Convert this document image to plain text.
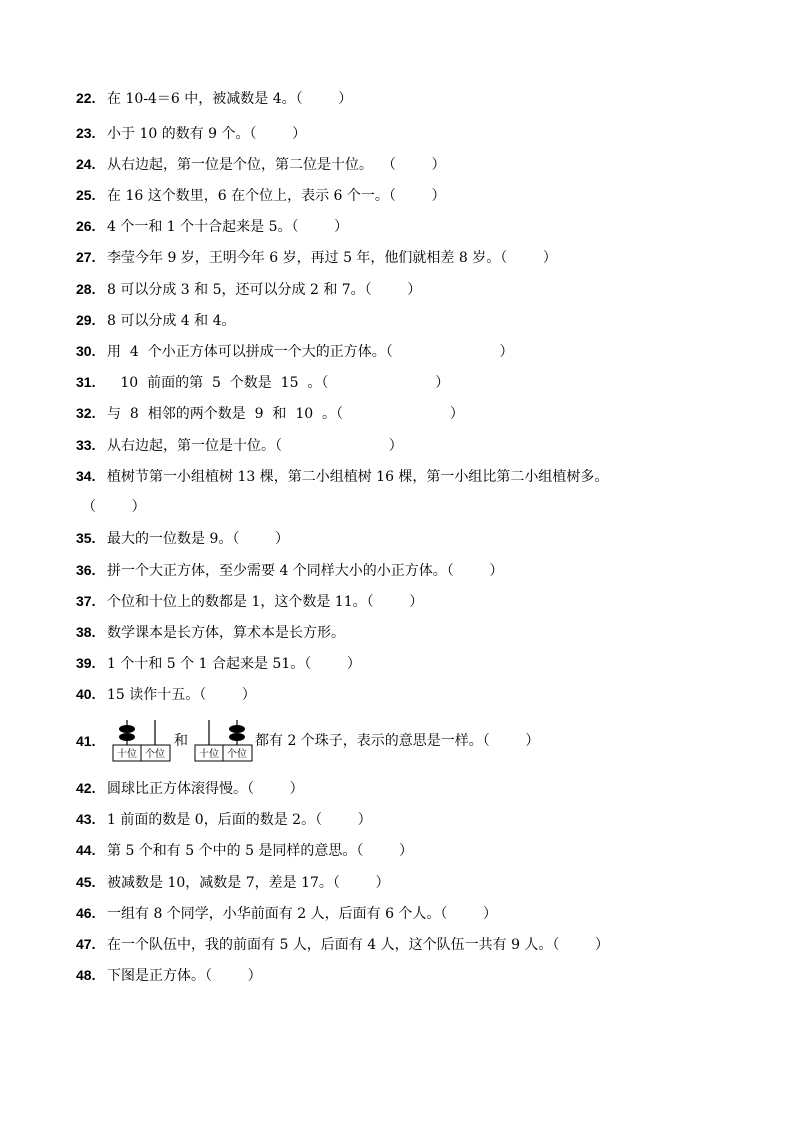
22. 在 10-4＝6 中，被减数是 4。（        ）
23. 小于 10 的数有 9 个。（        ）
24. 从右边起，第一位是个位，第二位是十位。  （        ）
25. 在 16 这个数里，6 在个位上，表示 6 个一。（        ）
26. 4 个一和 1 个十合起来是 5。（        ）
27. 李莹今年 9 岁，王明今年 6 岁，再过 5 年，他们就相差 8 岁。（        ）
28. 8 可以分成 3 和 5，还可以分成 2 和 7。（        ）
29. 8 可以分成 4 和 4。
30. 用  4  个小正方体可以拼成一个大的正方体。（                        ）
31.   10  前面的第  5  个数是  15  。（                        ）
32. 与  8  相邻的两个数是  9  和  10  。（                        ）
33. 从右边起，第一位是十位。（                        ）
34. 植树节第一小组植树 13 棵，第二小组植树 16 棵，第一小组比第二小组植树多。
（        ）
35. 最大的一位数是 9。（        ）
36. 拼一个大正方体，至少需要 4 个同样大小的小正方体。（        ）
37. 个位和十位上的数都是 1，这个数是 11。（        ）
38. 数学课本是长方体，算术本是长方形。
39. 1 个十和 5 个 1 合起来是 51。（        ）
40. 15 读作十五。（        ）
41.
十位 个位
和
十位 个位
都有 2 个珠子，表示的意思是一样。（        ）
42. 圆球比正方体滚得慢。（        ）
43. 1 前面的数是 0，后面的数是 2。（        ）
44. 第 5 个和有 5 个中的 5 是同样的意思。（        ）
45. 被减数是 10，减数是 7，差是 17。（        ）
46. 一组有 8 个同学，小华前面有 2 人，后面有 6 个人。（        ）
47. 在一个队伍中，我的前面有 5 人，后面有 4 人，这个队伍一共有 9 人。（        ）
48. 下图是正方体。（        ）
